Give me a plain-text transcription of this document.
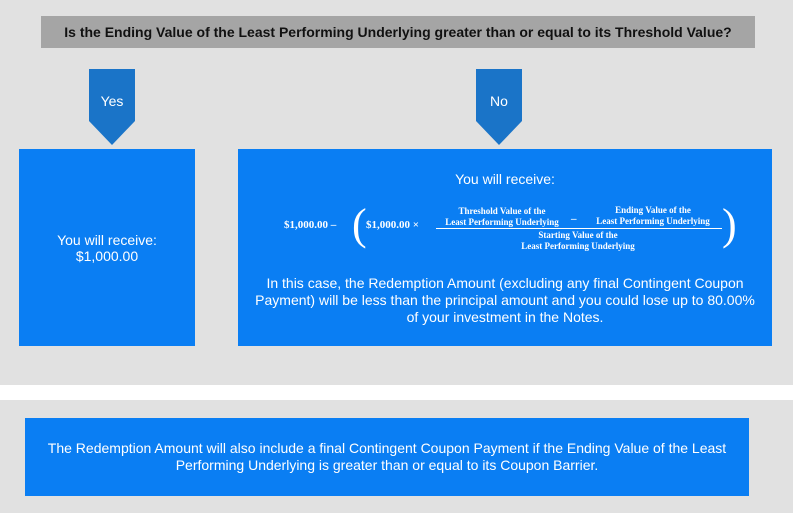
Is the Ending Value of the Least Performing Underlying greater than or equal to its Threshold Value?
Yes	No
You will receive:
$1,000.00
You will receive:
$1,000.00 – ( $1,000.00 ×
Threshold Value of the
Least Performing Underlying	–
Ending Value of the
Least Performing Underlying
Starting Value of the
Least Performing Underlying	)
In this case, the Redemption Amount (excluding any final Contingent Coupon Payment) will be less than the principal amount and you could lose up to 80.00% of your investment in the Notes.
The Redemption Amount will also include a final Contingent Coupon Payment if the Ending Value of the Least Performing Underlying is greater than or equal to its Coupon Barrier.
